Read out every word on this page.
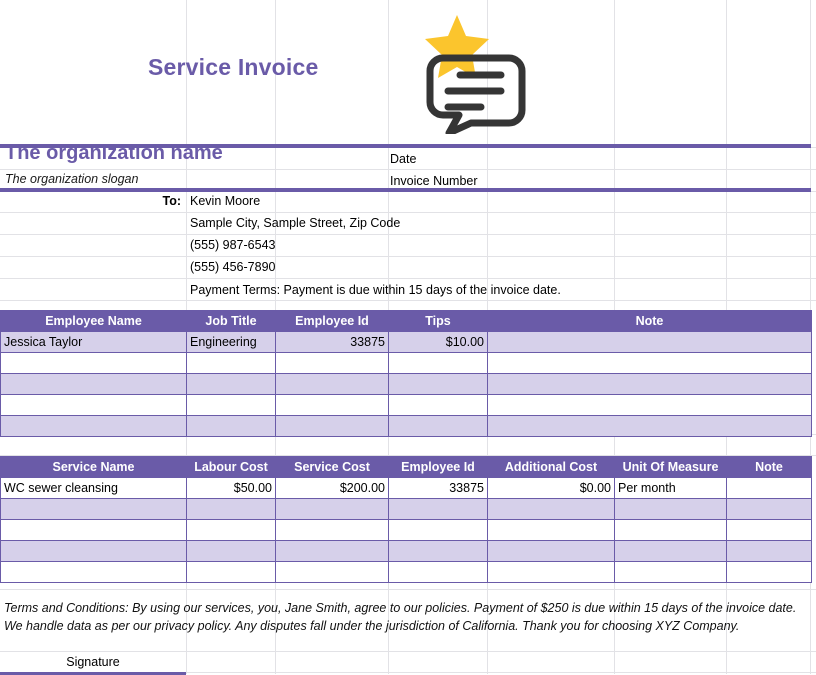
Service Invoice
The organization name
The organization slogan
Date
Invoice Number
To: Kevin Moore
Sample City, Sample Street, Zip Code
(555) 987-6543
(555) 456-7890
Payment Terms: Payment is due within 15 days of the invoice date.
Employee Name	Job Title	Employee Id	Tips	Note
Jessica Taylor	Engineering	33875	$10.00	

Service Name	Labour Cost	Service Cost	Employee Id	Additional Cost	Unit Of Measure	Note
WC sewer cleansing	$50.00	$200.00	33875	$0.00	Per month	

Terms and Conditions: By using our services, you, Jane Smith, agree to our policies. Payment of $250 is due within 15 days of the invoice date. We handle data as per our privacy policy. Any disputes fall under the jurisdiction of California. Thank you for choosing XYZ Company.
Signature
